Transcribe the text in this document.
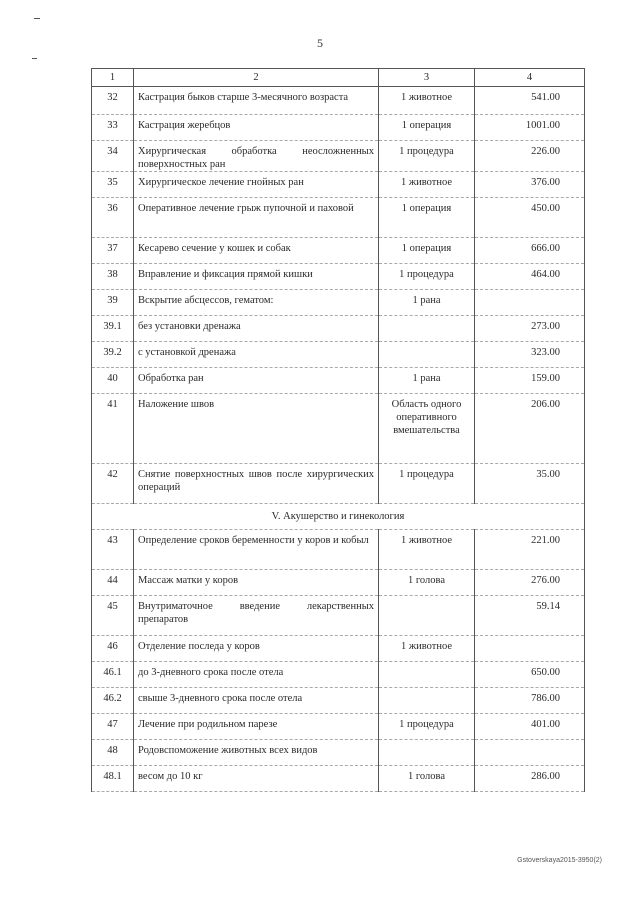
5
1	2	3	4
32	Кастрация быков старше 3-месячного возраста	1 животное	541.00
33	Кастрация жеребцов	1 операция	1001.00
34	Хирургическая обработка неосложненных поверхностных ран	1 процедура	226.00
35	Хирургическое лечение гнойных ран	1 животное	376.00
36	Оперативное лечение грыж пупочной и паховой	1 операция	450.00
37	Кесарево сечение у кошек и собак	1 операция	666.00
38	Вправление и фиксация прямой кишки	1 процедура	464.00
39	Вскрытие абсцессов, гематом:	1 рана	
39.1	без установки дренажа		273.00
39.2	с установкой дренажа		323.00
40	Обработка ран	1 рана	159.00
41	Наложение швов	Область одного оперативного вмешательства	206.00
42	Снятие поверхностных швов после хирургических операций	1 процедура	35.00
V. Акушерство и гинекология			
43	Определение сроков беременности у коров и кобыл	1 животное	221.00
44	Массаж матки у коров	1 голова	276.00
45	Внутриматочное введение лекарственных препаратов		59.14
46	Отделение последа у коров	1 животное	
46.1	до 3-дневного срока после отела		650.00
46.2	свыше 3-дневного срока после отела		786.00
47	Лечение при родильном парезе	1 процедура	401.00
48	Родовспоможение животных всех видов		
48.1	весом до 10 кг	1 голова	286.00
Gstoverskaya2015-3950(2)
